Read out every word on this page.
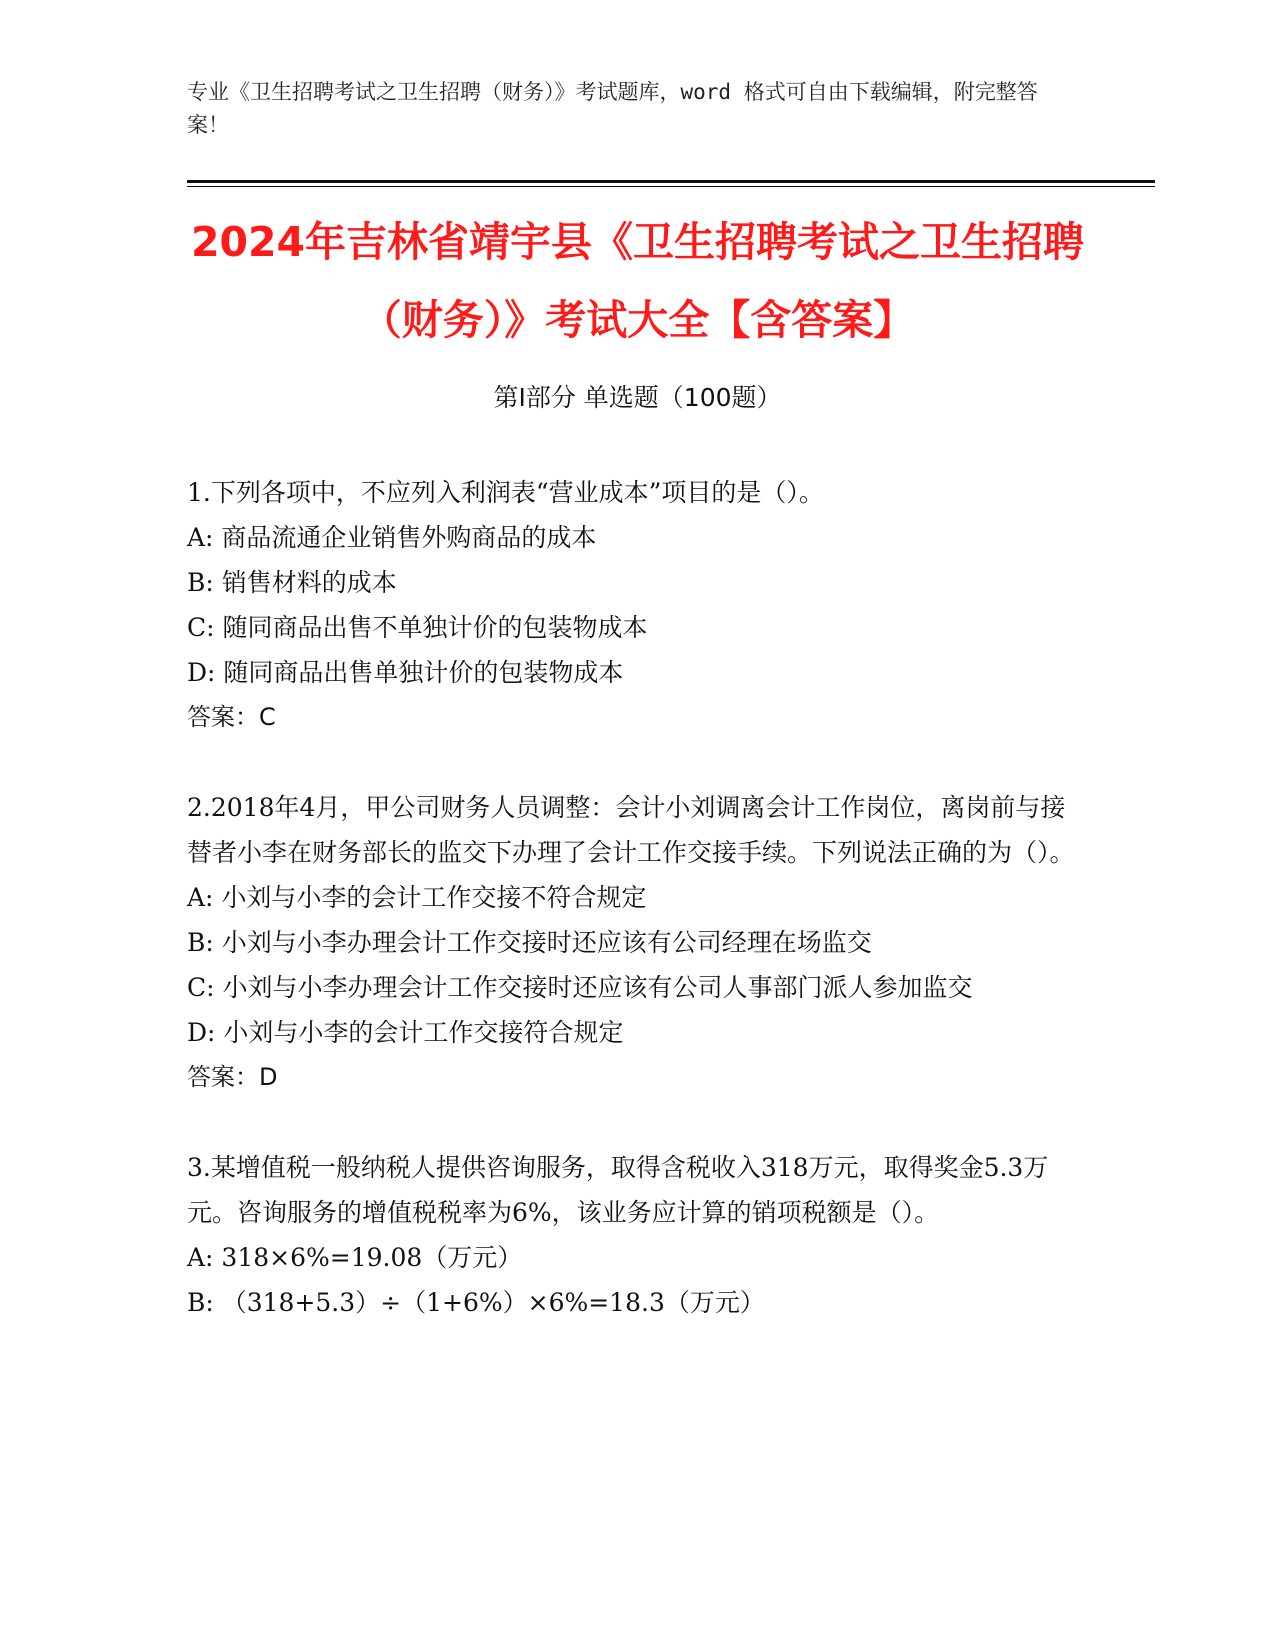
专业《卫生招聘考试之卫生招聘（财务）》考试题库，word 格式可自由下载编辑，附完整答案！
2024年吉林省靖宇县《卫生招聘考试之卫生招聘（财务）》考试大全【含答案】
第Ⅰ部分 单选题（100题）

1.下列各项中，不应列入利润表“营业成本”项目的是（）。

A: 商品流通企业销售外购商品的成本

B: 销售材料的成本

C: 随同商品出售不单独计价的包装物成本

D: 随同商品出售单独计价的包装物成本

答案：C

2.2018年4月，甲公司财务人员调整：会计小刘调离会计工作岗位，离岗前与接替者小李在财务部长的监交下办理了会计工作交接手续。下列说法正确的为（）。

A: 小刘与小李的会计工作交接不符合规定

B: 小刘与小李办理会计工作交接时还应该有公司经理在场监交

C: 小刘与小李办理会计工作交接时还应该有公司人事部门派人参加监交

D: 小刘与小李的会计工作交接符合规定

答案：D

3.某增值税一般纳税人提供咨询服务，取得含税收入318万元，取得奖金5.3万元。咨询服务的增值税税率为6%，该业务应计算的销项税额是（）。

A: 318×6%=19.08（万元）

B: （318+5.3）÷（1+6%）×6%=18.3（万元）
